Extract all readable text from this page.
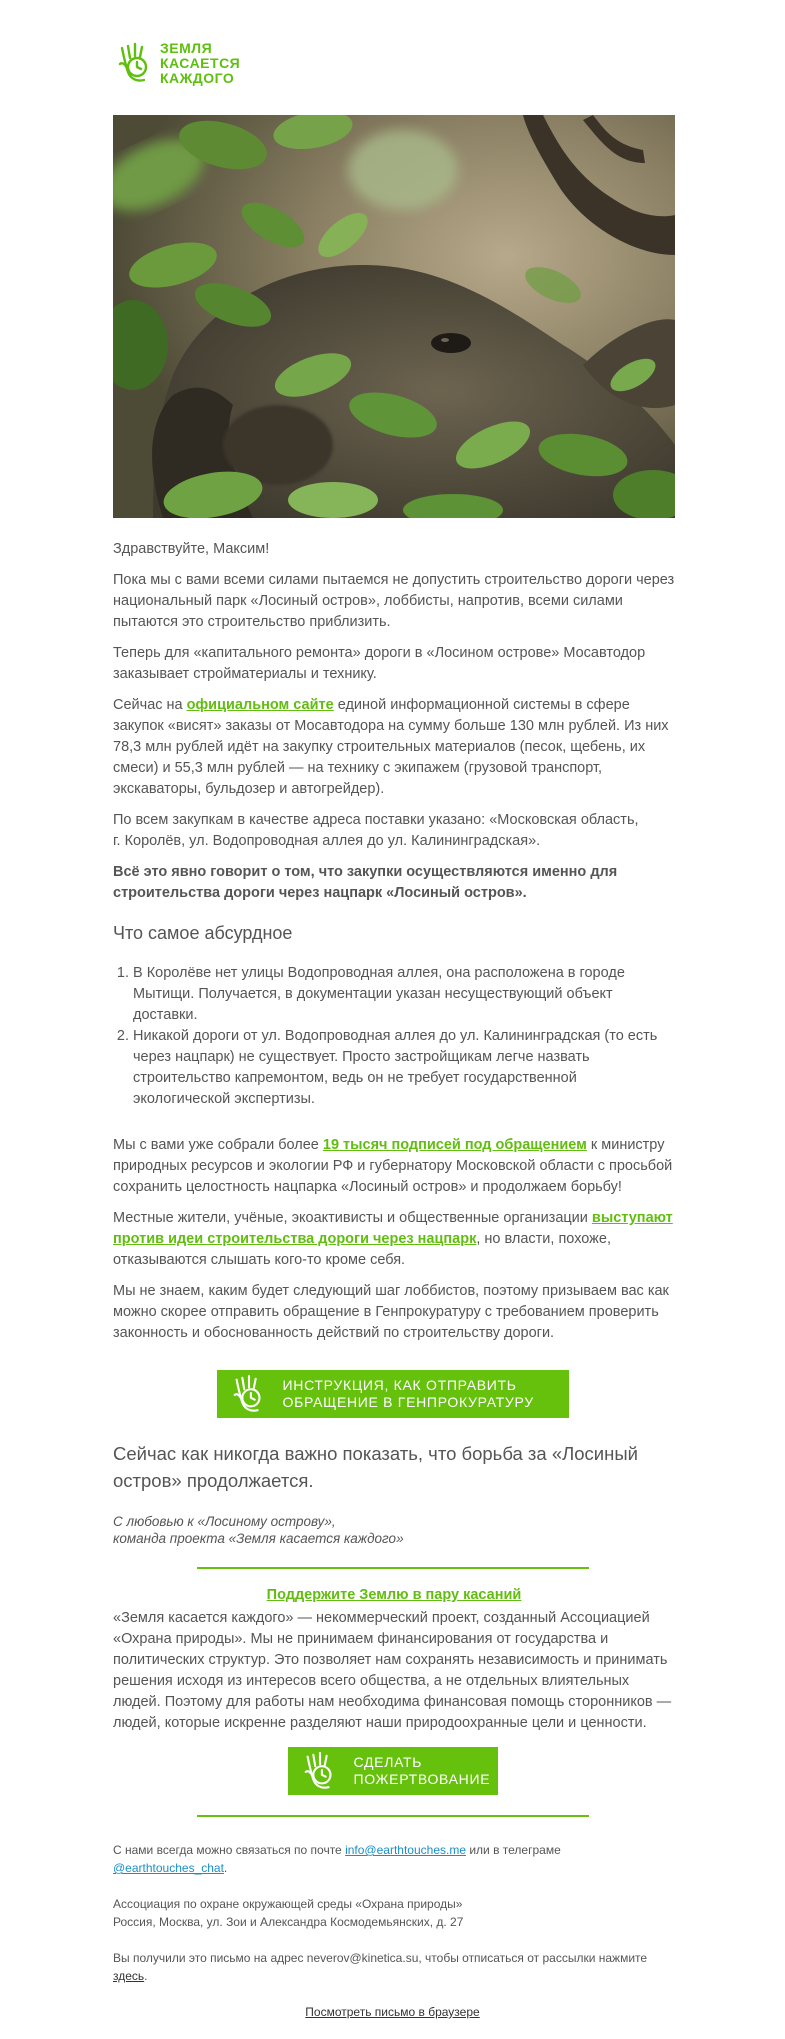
ЗЕМЛЯ
КАСАЕТСЯ
КАЖДОГО

Здравствуйте, Максим!

Пока мы с вами всеми силами пытаемся не допустить строительство дороги через национальный парк «Лосиный остров», лоббисты, напротив, всеми силами пытаются это строительство приблизить.

Теперь для «капитального ремонта» дороги в «Лосином острове» Мосавтодор заказывает стройматериалы и технику.

Сейчас на официальном сайте единой информационной системы в сфере закупок «висят» заказы от Мосавтодора на сумму больше 130 млн рублей. Из них 78,3 млн рублей идёт на закупку строительных материалов (песок, щебень, их смеси) и 55,3 млн рублей — на технику с экипажем (грузовой транспорт, экскаваторы, бульдозер и автогрейдер).

По всем закупкам в качестве адреса поставки указано: «Московская область,
г. Королёв, ул. Водопроводная аллея до ул. Калининградская».

Всё это явно говорит о том, что закупки осуществляются именно для строительства дороги через нацпарк «Лосиный остров».

Что самое абсурдное
1. В Королёве нет улицы Водопроводная аллея, она расположена в городе Мытищи. Получается, в документации указан несуществующий объект доставки.
2. Никакой дороги от ул. Водопроводная аллея до ул. Калининградская (то есть через нацпарк) не существует. Просто застройщикам легче назвать строительство капремонтом, ведь он не требует государственной экологической экспертизы.

Мы с вами уже собрали более 19 тысяч подписей под обращением к министру природных ресурсов и экологии РФ и губернатору Московской области с просьбой сохранить целостность нацпарка «Лосиный остров» и продолжаем борьбу!

Местные жители, учёные, экоактивисты и общественные организации выступают против идеи строительства дороги через нацпарк, но власти, похоже, отказываются слышать кого-то кроме себя.

Мы не знаем, каким будет следующий шаг лоббистов, поэтому призываем вас как можно скорее отправить обращение в Генпрокуратуру с требованием проверить законность и обоснованность действий по строительству дороги.

ИНСТРУКЦИЯ, КАК ОТПРАВИТЬ
ОБРАЩЕНИЕ В ГЕНПРОКУРАТУРУ

Сейчас как никогда важно показать, что борьба за «Лосиный остров» продолжается.

С любовью к «Лосиному острову»,
команда проекта «Земля касается каждого»

Поддержите Землю в пару касаний

«Земля касается каждого» — некоммерческий проект, созданный Ассоциацией «Охрана природы». Мы не принимаем финансирования от государства и политических структур. Это позволяет нам сохранять независимость и принимать решения исходя из интересов всего общества, а не отдельных влиятельных людей. Поэтому для работы нам необходима финансовая помощь сторонников — людей, которые искренне разделяют наши природоохранные цели и ценности.

СДЕЛАТЬ
ПОЖЕРТВОВАНИЕ
С нами всегда можно связаться по почте info@earthtouches.me или в телеграме
@earthtouches_chat.
Ассоциация по охране окружающей среды «Охрана природы»
Россия, Москва, ул. Зои и Александра Космодемьянских, д. 27
Вы получили это письмо на адрес neverov@kinetica.su, чтобы отписаться от рассылки нажмите
здесь.
Посмотреть письмо в браузере
